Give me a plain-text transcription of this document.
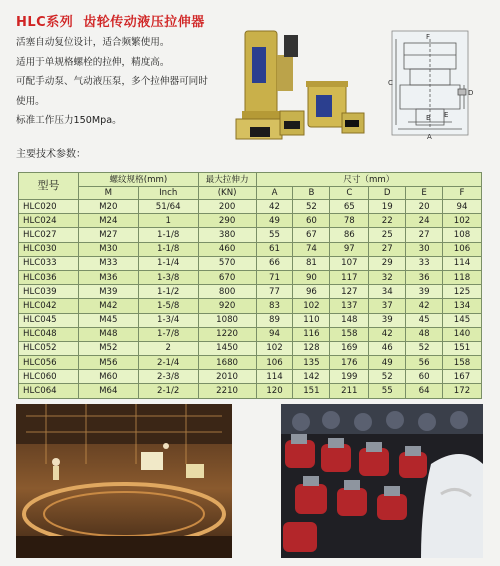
HLC系列 齿轮传动液压拉伸器
活塞自动复位设计，适合频繁使用。
适用于单规格螺栓的拉伸，精度高。
可配手动泵、气动液压泵，多个拉伸器可同时
使用。
标准工作压力150Mpa。
主要技术参数：
F
A
B
C
D
E
型号	螺纹规格(mm)		最大拉伸力	尺寸（mm）					
	M	Inch	(KN)	A	B	C	D	E	F
HLC020	M20	51/64	200	42	52	65	19	20	94
HLC024	M24	1	290	49	60	78	22	24	102
HLC027	M27	1-1/8	380	55	67	86	25	27	108
HLC030	M30	1-1/8	460	61	74	97	27	30	106
HLC033	M33	1-1/4	570	66	81	107	29	33	114
HLC036	M36	1-3/8	670	71	90	117	32	36	118
HLC039	M39	1-1/2	800	77	96	127	34	39	125
HLC042	M42	1-5/8	920	83	102	137	37	42	134
HLC045	M45	1-3/4	1080	89	110	148	39	45	145
HLC048	M48	1-7/8	1220	94	116	158	42	48	140
HLC052	M52	2	1450	102	128	169	46	52	151
HLC056	M56	2-1/4	1680	106	135	176	49	56	158
HLC060	M60	2-3/8	2010	114	142	199	52	60	167
HLC064	M64	2-1/2	2210	120	151	211	55	64	172
